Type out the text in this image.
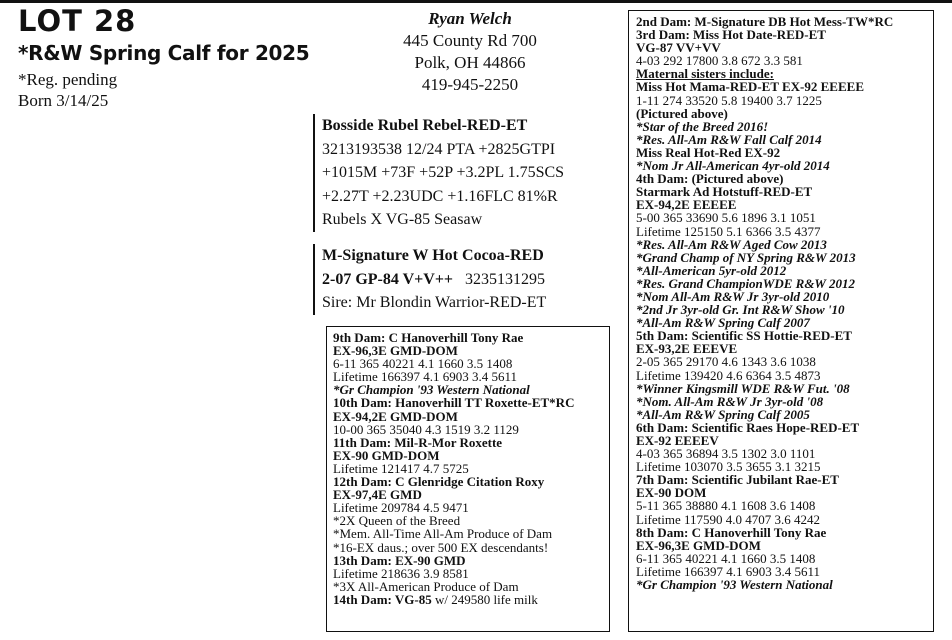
LOT 28
*R&W Spring Calf for 2025
*Reg. pending
Born 3/14/25
Ryan Welch
445 County Rd 700
Polk, OH 44866
419-945-2250
Bosside Rubel Rebel-RED-ET
3213193538 12/24 PTA +2825GTPI
+1015M +73F +52P +3.2PL 1.75SCS
+2.27T +2.23UDC +1.16FLC 81%R
Rubels X VG-85 Seasaw
M-Signature W Hot Cocoa-RED
2-07 GP-84 V+V++ 3235131295
Sire: Mr Blondin Warrior-RED-ET
9th Dam: C Hanoverhill Tony Rae
EX-96,3E GMD-DOM
6-11 365 40221 4.1 1660 3.5 1408
Lifetime 166397 4.1 6903 3.4 5611
*Gr Champion '93 Western National
10th Dam: Hanoverhill TT Roxette-ET*RC
EX-94,2E GMD-DOM
10-00 365 35040 4.3 1519 3.2 1129
11th Dam: Mil-R-Mor Roxette
EX-90 GMD-DOM
Lifetime 121417 4.7 5725
12th Dam: C Glenridge Citation Roxy
EX-97,4E GMD
Lifetime 209784 4.5 9471
*2X Queen of the Breed
*Mem. All-Time All-Am Produce of Dam
*16-EX daus.; over 500 EX descendants!
13th Dam: EX-90 GMD
Lifetime 218636 3.9 8581
*3X All-American Produce of Dam
14th Dam: VG-85 w/ 249580 life milk
2nd Dam: M-Signature DB Hot Mess-TW*RC
3rd Dam: Miss Hot Date-RED-ET
VG-87 VV+VV
4-03 292 17800 3.8 672 3.3 581
Maternal sisters include:
Miss Hot Mama-RED-ET EX-92 EEEEE
1-11 274 33520 5.8 19400 3.7 1225
(Pictured above)
*Star of the Breed 2016!
*Res. All-Am R&W Fall Calf 2014
Miss Real Hot-Red EX-92
*Nom Jr All-American 4yr-old 2014
4th Dam: (Pictured above)
Starmark Ad Hotstuff-RED-ET
EX-94,2E EEEEE
5-00 365 33690 5.6 1896 3.1 1051
Lifetime 125150 5.1 6366 3.5 4377
*Res. All-Am R&W Aged Cow 2013
*Grand Champ of NY Spring R&W 2013
*All-American 5yr-old 2012
*Res. Grand ChampionWDE R&W 2012
*Nom All-Am R&W Jr 3yr-old 2010
*2nd Jr 3yr-old Gr. Int R&W Show '10
*All-Am R&W Spring Calf 2007
5th Dam: Scientific SS Hottie-RED-ET
EX-93,2E EEEVE
2-05 365 29170 4.6 1343 3.6 1038
Lifetime 139420 4.6 6364 3.5 4873
*Winner Kingsmill WDE R&W Fut. '08
*Nom. All-Am R&W Jr 3yr-old '08
*All-Am R&W Spring Calf 2005
6th Dam: Scientific Raes Hope-RED-ET
EX-92 EEEEV
4-03 365 36894 3.5 1302 3.0 1101
Lifetime 103070 3.5 3655 3.1 3215
7th Dam: Scientific Jubilant Rae-ET
EX-90 DOM
5-11 365 38880 4.1 1608 3.6 1408
Lifetime 117590 4.0 4707 3.6 4242
8th Dam: C Hanoverhill Tony Rae
EX-96,3E GMD-DOM
6-11 365 40221 4.1 1660 3.5 1408
Lifetime 166397 4.1 6903 3.4 5611
*Gr Champion '93 Western National
